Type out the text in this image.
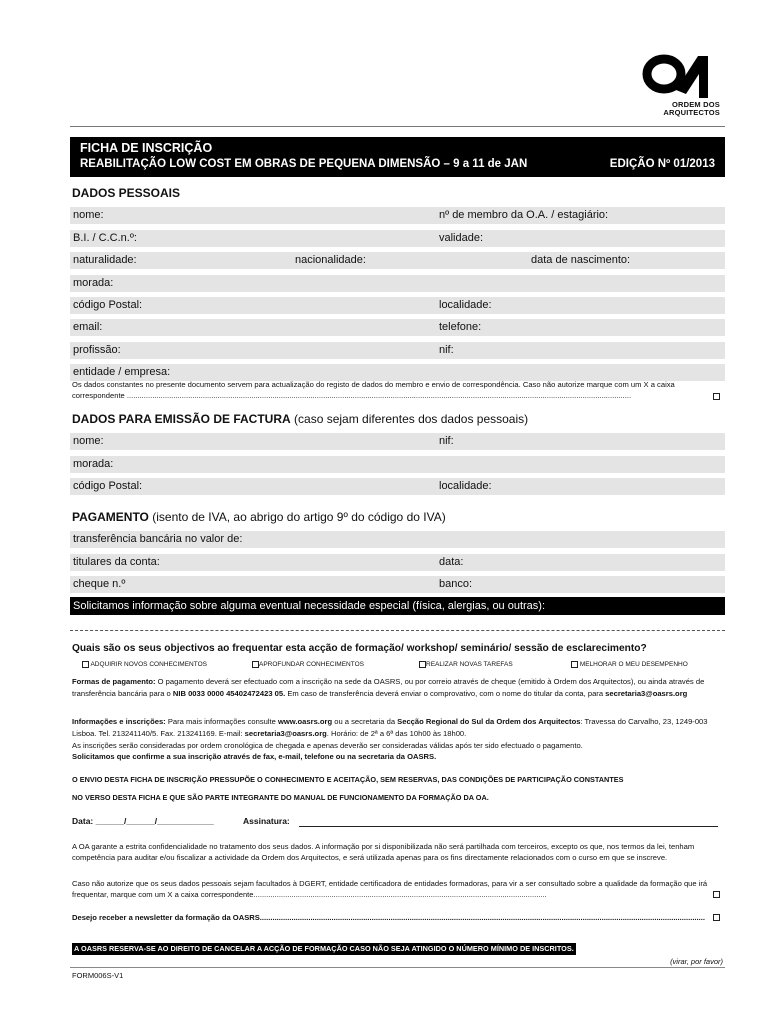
ORDEM DOS
ARQUITECTOS
FICHA DE INSCRIÇÃO
REABILITAÇÃO LOW COST EM OBRAS DE PEQUENA DIMENSÃO – 9 a 11 de JAN	EDIÇÃO Nº 01/2013
DADOS PESSOAIS
nome:	nº de membro da O.A. / estagiário:
B.I. / C.C.n.º:	validade:
naturalidade:	nacionalidade:	data de nascimento:
morada:
código Postal:	localidade:
email:	telefone:
profissão:	nif:
entidade / empresa:
Os dados constantes no presente documento servem para actualização do registo de dados do membro e envio de correspondência. Caso não autorize marque com um X a caixa correspondente ...............................................................................................................................................................................................................................................
DADOS PARA EMISSÃO DE FACTURA (caso sejam diferentes dos dados pessoais)
nome:	nif:
morada:
código Postal:	localidade:
PAGAMENTO (isento de IVA, ao abrigo do artigo 9º do código do IVA)
transferência bancária no valor de:
titulares da conta:	data:
cheque n.º	banco:
Solicitamos informação sobre alguma eventual necessidade especial (física, alergias, ou outras):
Quais são os seus objectivos ao frequentar esta acção de formação/ workshop/ seminário/ sessão de esclarecimento?
ADQUIRIR NOVOS CONHECIMENTOS	APROFUNDAR CONHECIMENTOS	REALIZAR NOVAS TAREFAS	MELHORAR O MEU DESEMPENHO
Formas de pagamento: O pagamento deverá ser efectuado com a inscrição na sede da OASRS, ou por correio através de cheque (emitido à Ordem dos Arquitectos), ou ainda através de transferência bancária para o NIB 0033 0000 45402472423 05. Em caso de transferência deverá enviar o comprovativo, com o nome do titular da conta, para secretaria3@oasrs.org
Informações e inscrições: Para mais informações consulte www.oasrs.org ou a secretaria da Secção Regional do Sul da Ordem dos Arquitectos: Travessa do Carvalho, 23, 1249-003 Lisboa. Tel. 213241140/5. Fax. 213241169. E-mail: secretaria3@oasrs.org. Horário: de 2ª a 6ª das 10h00 às 18h00.
As inscrições serão consideradas por ordem cronológica de chegada e apenas deverão ser consideradas válidas após ter sido efectuado o pagamento.
Solicitamos que confirme a sua inscrição através de fax, e-mail, telefone ou na secretaria da OASRS.
O ENVIO DESTA FICHA DE INSCRIÇÃO PRESSUPÕE O CONHECIMENTO E ACEITAÇÃO, SEM RESERVAS, DAS CONDIÇÕES DE PARTICIPAÇÃO CONSTANTES
NO VERSO DESTA FICHA E QUE SÃO PARTE INTEGRANTE DO MANUAL DE FUNCIONAMENTO DA FORMAÇÃO DA OA.
Data: ______/______/____________	Assinatura:
A OA garante a estrita confidencialidade no tratamento dos seus dados. A informação por si disponibilizada não será partilhada com terceiros, excepto os que, nos termos da lei, tenham competência para auditar e/ou fiscalizar a actividade da Ordem dos Arquitectos, e será utilizada apenas para os fins directamente relacionados com o curso em que se inscreve.
Caso não autorize que os seus dados pessoais sejam facultados à DGERT, entidade certificadora de entidades formadoras, para vir a ser consultado sobre a qualidade da formação que irá frequentar, marque com um X a caixa correspondente...........................................................................................................................................
Desejo receber a newsletter da formação da OASRS...................................................................................................................................................................................................................
A OASRS RESERVA-SE AO DIREITO DE CANCELAR A ACÇÃO DE FORMAÇÃO CASO NÃO SEJA ATINGIDO O NÚMERO MÍNIMO DE INSCRITOS.
(virar, por favor)
FORM006S-V1
